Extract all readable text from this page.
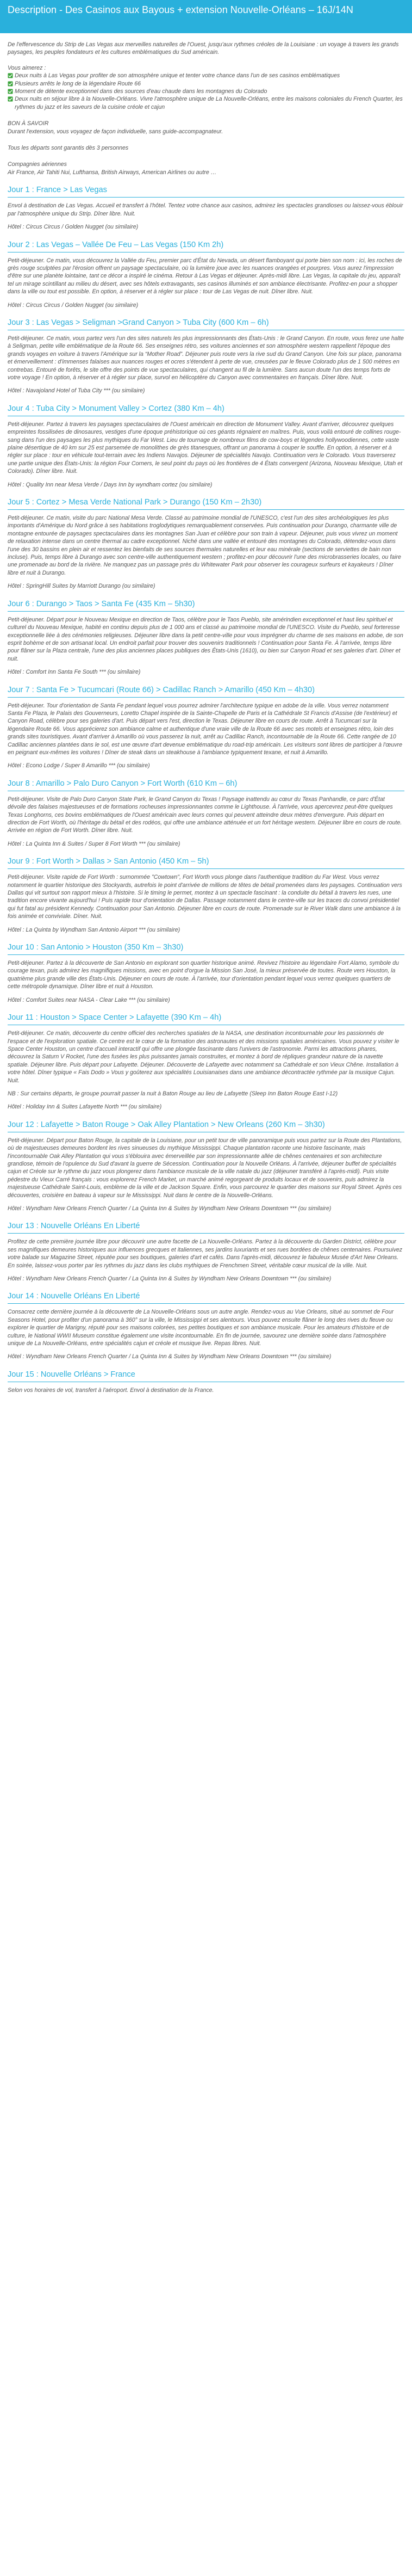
Description - Des Casinos aux Bayous + extension Nouvelle-Orléans – 16J/14N

De l'effervescence du Strip de Las Vegas aux merveilles naturelles de l'Ouest, jusqu'aux rythmes créoles de la Louisiane : un voyage à travers les grands paysages, les peuples fondateurs et les cultures emblématiques du Sud américain.

Vous aimerez :
Deux nuits à Las Vegas pour profiter de son atmosphère unique et tenter votre chance dans l'un de ses casinos emblématiques
Plusieurs arrêts le long de la légendaire Route 66
Moment de détente exceptionnel dans des sources d'eau chaude dans les montagnes du Colorado
Deux nuits en séjour libre à la Nouvelle-Orléans. Vivre l'atmosphère unique de La Nouvelle-Orléans, entre les maisons coloniales du French Quarter, les rythmes du jazz et les saveurs de la cuisine créole et cajun

BON À SAVOIR
Durant l'extension, vous voyagez de façon individuelle, sans guide-accompagnateur.

Tous les départs sont garantis dès 3 personnes

Compagnies aériennes
Air France, Air Tahiti Nui, Lufthansa, British Airways, American Airlines ou autre …

Jour 1 : France > Las Vegas

Envol à destination de Las Vegas. Accueil et transfert à l'hôtel. Tentez votre chance aux casinos, admirez les spectacles grandioses ou laissez-vous éblouir par l'atmosphère unique du Strip. Dîner libre. Nuit.

Hôtel : Circus Circus / Golden Nugget (ou similaire)

Jour 2 : Las Vegas – Vallée De Feu – Las Vegas (150 Km 2h)

Petit-déjeuner. Ce matin, vous découvrez la Vallée du Feu, premier parc d'État du Nevada, un désert flamboyant qui porte bien son nom : ici, les roches de grès rouge sculptées par l'érosion offrent un paysage spectaculaire, où la lumière joue avec les nuances orangées et pourpres. Vous aurez l'impression d'être sur une planète lointaine, tant ce décor a inspiré le cinéma. Retour à Las Vegas et déjeuner. Après-midi libre. Las Vegas, la capitale du jeu, apparaît tel un mirage scintillant au milieu du désert, avec ses hôtels extravagants, ses casinos illuminés et son ambiance électrisante. Profitez-en pour a shopper dans la ville ou tout est possible. En option, à réserver et à régler sur place : tour de Las Vegas de nuit. Dîner libre. Nuit.

Hôtel : Circus Circus / Golden Nugget (ou similaire)

Jour 3 : Las Vegas > Seligman >Grand Canyon > Tuba City (600 Km – 6h)

Petit-déjeuner. Ce matin, vous partez vers l'un des sites naturels les plus impressionnants des États-Unis : le Grand Canyon. En route, vous ferez une halte à Seligman, petite ville emblématique de la Route 66. Ses enseignes rétro, ses voitures anciennes et son atmosphère western rappellent l'époque des grands voyages en voiture à travers l'Amérique sur la “Mother Road”. Déjeuner puis route vers la rive sud du Grand Canyon. Une fois sur place, panorama et émerveillement : d'immenses falaises aux nuances rouges et ocres s'étendent à perte de vue, creusées par le fleuve Colorado plus de 1 500 mètres en contrebas. Entouré de forêts, le site offre des points de vue spectaculaires, qui changent au fil de la lumière. Sans aucun doute l'un des temps forts de votre voyage ! En option, à réserver et à régler sur place, survol en hélicoptère du Canyon avec commentaires en français. Dîner libre. Nuit.

Hôtel : Navajoland Hotel of Tuba City *** (ou similaire)

Jour 4 : Tuba City > Monument Valley > Cortez (380 Km – 4h)

Petit-déjeuner. Partez à travers les paysages spectaculaires de l'Ouest américain en direction de Monument Valley. Avant d'arriver, découvrez quelques empreintes fossilisées de dinosaures, vestiges d'une époque préhistorique où ces géants régnaient en maîtres. Puis, vous voilà entouré de collines rouge-sang dans l'un des paysages les plus mythiques du Far West. Lieu de tournage de nombreux films de cow-boys et légendes hollywoodiennes, cette vaste plaine désertique de 40 km sur 25 est parsemée de monolithes de grès titanesques, offrant un panorama à couper le souffle. En option, à réserver et à régler sur place : tour en véhicule tout-terrain avec les Indiens Navajos. Déjeuner de spécialités Navajo. Continuation vers le Colorado. Vous traverserez une partie unique des États-Unis: la région Four Corners, le seul point du pays où les frontières de 4 États convergent (Arizona, Nouveau Mexique, Utah et Colorado). Dîner libre. Nuit.

Hôtel : Quality Inn near Mesa Verde / Days Inn by wyndham cortez (ou similaire)

Jour 5 : Cortez > Mesa Verde National Park > Durango (150 Km – 2h30)

Petit-déjeuner. Ce matin, visite du parc National Mesa Verde. Classé au patrimoine mondial de l'UNESCO, c'est l'un des sites archéologiques les plus importants d'Amérique du Nord grâce à ses habitations troglodytiques remarquablement conservées. Puis continuation pour Durango, charmante ville de montagne entourée de paysages spectaculaires dans les montagnes San Juan et célèbre pour son train à vapeur. Déjeuner, puis vous vivrez un moment de relaxation intense dans un centre thermal au cadre exceptionnel. Niché dans une vallée et entouré des montagnes du Colorado, détendez-vous dans l'une des 30 bassins en plein air et ressentez les bienfaits de ses sources thermales naturelles et leur eau minérale (sections de serviettes de bain non incluse). Puis, temps libre à Durango avec son centre-ville authentiquement western ; profitez-en pour découvrir l'une des microbrasseries locales, ou faire une promenade au bord de la rivière. Ne manquez pas un passage près du Whitewater Park pour observer les courageux surfeurs et kayakeurs ! Dîner libre et nuit à Durango.

Hôtel : SpringHill Suites by Marriott Durango (ou similaire)

Jour 6 : Durango > Taos > Santa Fe (435 Km – 5h30)

Petit-déjeuner. Départ pour le Nouveau Mexique en direction de Taos, célèbre pour le Taos Pueblo, site amérindien exceptionnel et haut lieu spirituel et culturel du Nouveau Mexique, habité en continu depuis plus de 1 000 ans et classé au patrimoine mondial de l'UNESCO. Visite du Pueblo, seul forteresse exceptionnelle liée à des cérémonies religieuses. Déjeuner libre dans la petit centre-ville pour vous imprégner du charme de ses maisons en adobe, de son esprit bohème et de son artisanat local. Un endroit parfait pour trouver des souvenirs traditionnels ! Continuation pour Santa Fe. À l'arrivée, temps libre pour flâner sur la Plaza centrale, l'une des plus anciennes places publiques des États-Unis (1610), ou bien sur Canyon Road et ses galeries d'art. Dîner et nuit.

Hôtel : Comfort Inn Santa Fe South *** (ou similaire)

Jour 7 : Santa Fe > Tucumcari (Route 66) > Cadillac Ranch > Amarillo (450 Km – 4h30)

Petit-déjeuner. Tour d'orientation de Santa Fe pendant lequel vous pourrez admirer l'architecture typique en adobe de la ville. Vous verrez notamment Santa Fe Plaza, le Palais des Gouverneurs, Loretto Chapel inspirée de la Sainte-Chapelle de Paris et la Cathédrale St Francis d'Assise (de l'extérieur) et Canyon Road, célèbre pour ses galeries d'art. Puis départ vers l'est, direction le Texas. Déjeuner libre en cours de route. Arrêt à Tucumcari sur la légendaire Route 66. Vous apprécierez son ambiance calme et authentique d'une vraie ville de la Route 66 avec ses motels et enseignes rétro, loin des grands sites touristiques. Avant d'arriver à Amarillo où vous passerez la nuit, arrêt au Cadillac Ranch, incontournable de la Route 66. Cette rangée de 10 Cadillac anciennes plantées dans le sol, est une œuvre d'art devenue emblématique du road-trip américain. Les visiteurs sont libres de participer à l'œuvre en peignant eux-mêmes les voitures ! Dîner de steak dans un steakhouse à l'ambiance typiquement texane, et nuit à Amarillo.

Hôtel : Econo Lodge / Super 8 Amarillo *** (ou similaire)

Jour 8 : Amarillo > Palo Duro Canyon > Fort Worth (610 Km – 6h)

Petit-déjeuner. Visite de Palo Duro Canyon State Park, le Grand Canyon du Texas ! Paysage inattendu au cœur du Texas Panhandle, ce parc d'État dévoile des falaises majestueuses et de formations rocheuses impressionnantes comme le Lighthouse. À l'arrivée, vous apercevrez peut-être quelques Texas Longhorns, ces bovins emblématiques de l'Ouest américain avec leurs cornes qui peuvent atteindre deux mètres d'envergure. Puis départ en direction de Fort Worth, où l'héritage du bétail et des rodéos, qui offre une ambiance atténuée et un fort héritage western. Déjeuner libre en cours de route. Arrivée en région de Fort Worth. Dîner libre. Nuit.

Hôtel : La Quinta Inn & Suites / Super 8 Fort Worth *** (ou similaire)

Jour 9 : Fort Worth > Dallas > San Antonio (450 Km – 5h)

Petit-déjeuner. Visite rapide de Fort Worth : surnommée "Cowtown", Fort Worth vous plonge dans l'authentique tradition du Far West. Vous verrez notamment le quartier historique des Stockyards, autrefois le point d'arrivée de millions de têtes de bétail promenées dans les paysages. Continuation vers Dallas qui vit surtout son rapport mieux à l'histoire. Si le timing le permet, montez à un spectacle fascinant : la conduite du bétail à travers les rues, une tradition encore vivante aujourd'hui ! Puis rapide tour d'orientation de Dallas. Passage notamment dans le centre-ville sur les traces du convoi présidentiel qui fut fatal au président Kennedy. Continuation pour San Antonio. Déjeuner libre en cours de route. Promenade sur le River Walk dans une ambiance à la fois animée et conviviale. Dîner. Nuit.

Hôtel : La Quinta by Wyndham San Antonio Airport *** (ou similaire)

Jour 10 : San Antonio > Houston (350 Km – 3h30)

Petit-déjeuner. Partez à la découverte de San Antonio en explorant son quartier historique animé. Revivez l'histoire au légendaire Fort Alamo, symbole du courage texan, puis admirez les magnifiques missions, avec en point d'orgue la Mission San José, la mieux préservée de toutes. Route vers Houston, la quatrième plus grande ville des États-Unis. Déjeuner en cours de route. À l'arrivée, tour d'orientation pendant lequel vous verrez quelques quartiers de cette métropole dynamique. Dîner libre et nuit à Houston.

Hôtel : Comfort Suites near NASA - Clear Lake *** (ou similaire)

Jour 11 : Houston > Space Center > Lafayette (390 Km – 4h)

Petit-déjeuner. Ce matin, découverte du centre officiel des recherches spatiales de la NASA, une destination incontournable pour les passionnés de l'espace et de l'exploration spatiale. Ce centre est le cœur de la formation des astronautes et des missions spatiales américaines. Vous pouvez y visiter le Space Center Houston, un centre d'accueil interactif qui offre une plongée fascinante dans l'univers de l'astronomie. Parmi les attractions phares, découvrez la Saturn V Rocket, l'une des fusées les plus puissantes jamais construites, et montez à bord de répliques grandeur nature de la navette spatiale. Déjeuner libre. Puis départ pour Lafayette. Déjeuner. Découverte de Lafayette avec notamment sa Cathédrale et son Vieux Chêne. Installation à votre hôtel. Dîner typique « Fais Dodo » Vous y goûterez aux spécialités Louisianaises dans une ambiance décontractée rythmée par la musique Cajun. Nuit.

NB : Sur certains départs, le groupe pourrait passer la nuit à Baton Rouge au lieu de Lafayette (Sleep Inn Baton Rouge East I-12)

Hôtel : Holiday Inn & Suites Lafayette North *** (ou similaire)

Jour 12 : Lafayette > Baton Rouge > Oak Alley Plantation > New Orleans (260 Km – 3h30)

Petit-déjeuner. Départ pour Baton Rouge, la capitale de la Louisiane, pour un petit tour de ville panoramique puis vous partez sur la Route des Plantations, où de majestueuses demeures bordent les rives sinueuses du mythique Mississippi. Chaque plantation raconte une histoire fascinante, mais l'incontournable Oak Alley Plantation qui vous s'éblouira avec émerveillée par son impressionnante allée de chênes centenaires et son architecture grandiose, témoin de l'opulence du Sud d'avant la guerre de Sécession. Continuation pour la Nouvelle Orléans. À l'arrivée, déjeuner buffet de spécialités cajun et Créole sur le rythme du jazz vous plongerez dans l'ambiance musicale de la ville natale du jazz (déjeuner transféré à l'après-midi). Puis visite pédestre du Vieux Carré français : vous explorerez French Market, un marché animé regorgeant de produits locaux et de souvenirs, puis admirez la majestueuse Cathédrale Saint-Louis, emblème de la ville et de Jackson Square. Enfin, vous parcourez le quartier des maisons sur Royal Street. Après ces découvertes, croisière en bateau à vapeur sur le Mississippi. Nuit dans le centre de la Nouvelle-Orléans.

Hôtel : Wyndham New Orleans French Quarter / La Quinta Inn & Suites by Wyndham New Orleans Downtown *** (ou similaire)

Jour 13 : Nouvelle Orléans En Liberté

Profitez de cette première journée libre pour découvrir une autre facette de La Nouvelle-Orléans. Partez à la découverte du Garden District, célèbre pour ses magnifiques demeures historiques aux influences grecques et italiennes, ses jardins luxuriants et ses rues bordées de chênes centenaires. Poursuivez votre balade sur Magazine Street, réputée pour ses boutiques, galeries d'art et cafés. Dans l'après-midi, découvrez le fabuleux Musée d'Art New Orleans. En soirée, laissez-vous porter par les rythmes du jazz dans les clubs mythiques de Frenchmen Street, véritable cœur musical de la ville. Nuit.

Hôtel : Wyndham New Orleans French Quarter / La Quinta Inn & Suites by Wyndham New Orleans Downtown *** (ou similaire)

Jour 14 : Nouvelle Orléans En Liberté

Consacrez cette dernière journée à la découverte de La Nouvelle-Orléans sous un autre angle. Rendez-vous au Vue Orleans, situé au sommet de Four Seasons Hotel, pour profiter d'un panorama à 360° sur la ville, le Mississippi et ses alentours. Vous pouvez ensuite flâner le long des rives du fleuve ou explorer le quartier de Marigny, réputé pour ses maisons colorées, ses petites boutiques et son ambiance musicale. Pour les amateurs d'histoire et de culture, le National WWII Museum constitue également une visite incontournable. En fin de journée, savourez une dernière soirée dans l'atmosphère unique de La Nouvelle-Orléans, entre spécialités cajun et créole et musique live. Repas libres. Nuit.

Hôtel : Wyndham New Orleans French Quarter / La Quinta Inn & Suites by Wyndham New Orleans Downtown *** (ou similaire)

Jour 15 : Nouvelle Orléans > France

Selon vos horaires de vol, transfert à l'aéroport. Envol à destination de la France.
